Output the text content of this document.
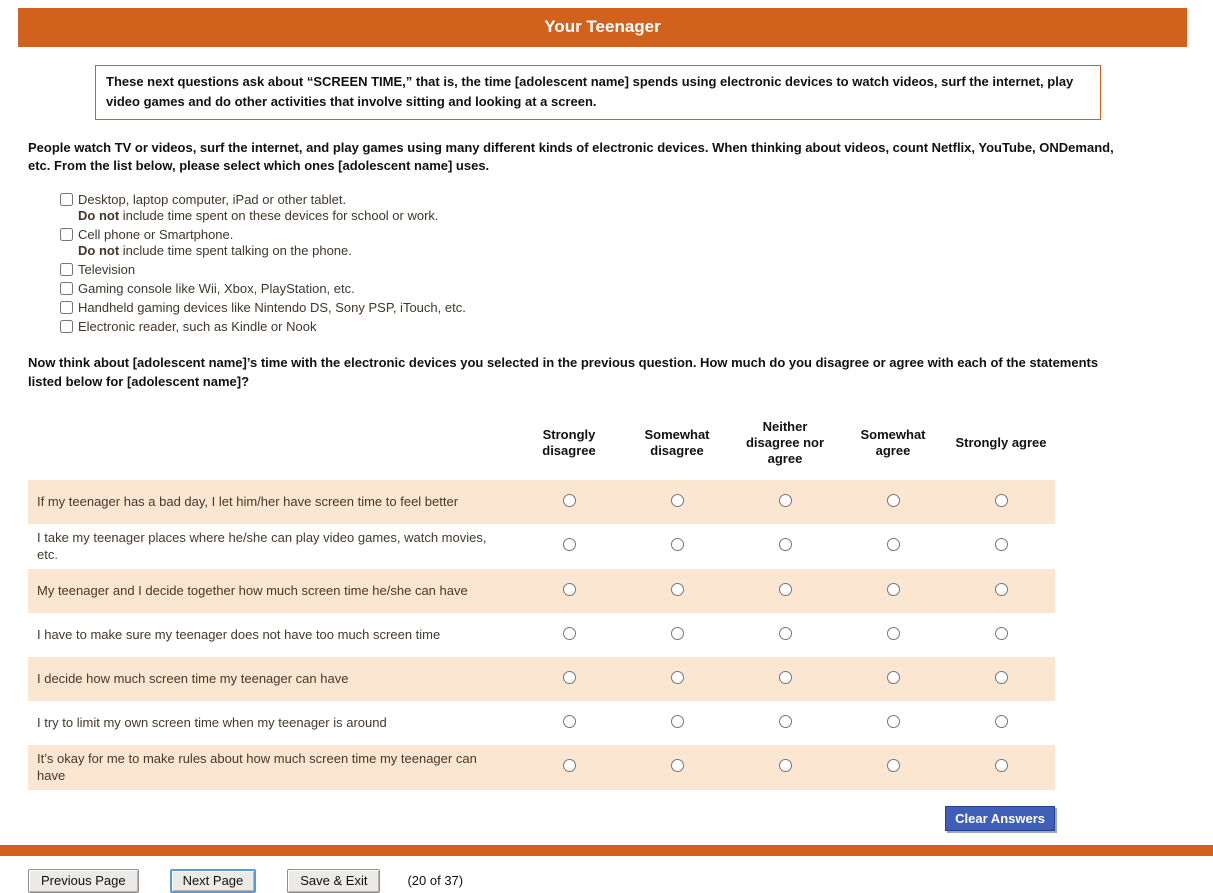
Your Teenager
These next questions ask about “SCREEN TIME,” that is, the time [adolescent name] spends using electronic devices to watch videos, surf the internet, play video games and do other activities that involve sitting and looking at a screen.

People watch TV or videos, surf the internet, and play games using many different kinds of electronic devices. When thinking about videos, count Netflix, YouTube, ONDemand, etc. From the list below, please select which ones [adolescent name] uses.

Desktop, laptop computer, iPad or other tablet.
Do not include time spent on these devices for school or work.
Cell phone or Smartphone.
Do not include time spent talking on the phone.
Television
Gaming console like Wii, Xbox, PlayStation, etc.
Handheld gaming devices like Nintendo DS, Sony PSP, iTouch, etc.
Electronic reader, such as Kindle or Nook

Now think about [adolescent name]’s time with the electronic devices you selected in the previous question. How much do you disagree or agree with each of the statements listed below for [adolescent name]?

	Strongly disagree	Somewhat disagree	Neither disagree nor agree	Somewhat agree	Strongly agree
If my teenager has a bad day, I let him/her have screen time to feel better					
I take my teenager places where he/she can play video games, watch movies, etc.					
My teenager and I decide together how much screen time he/she can have					
I have to make sure my teenager does not have too much screen time					
I decide how much screen time my teenager can have					
I try to limit my own screen time when my teenager is around					
It’s okay for me to make rules about how much screen time my teenager can have					
Clear Answers
Previous Page	Next Page	Save & Exit	(20 of 37)
